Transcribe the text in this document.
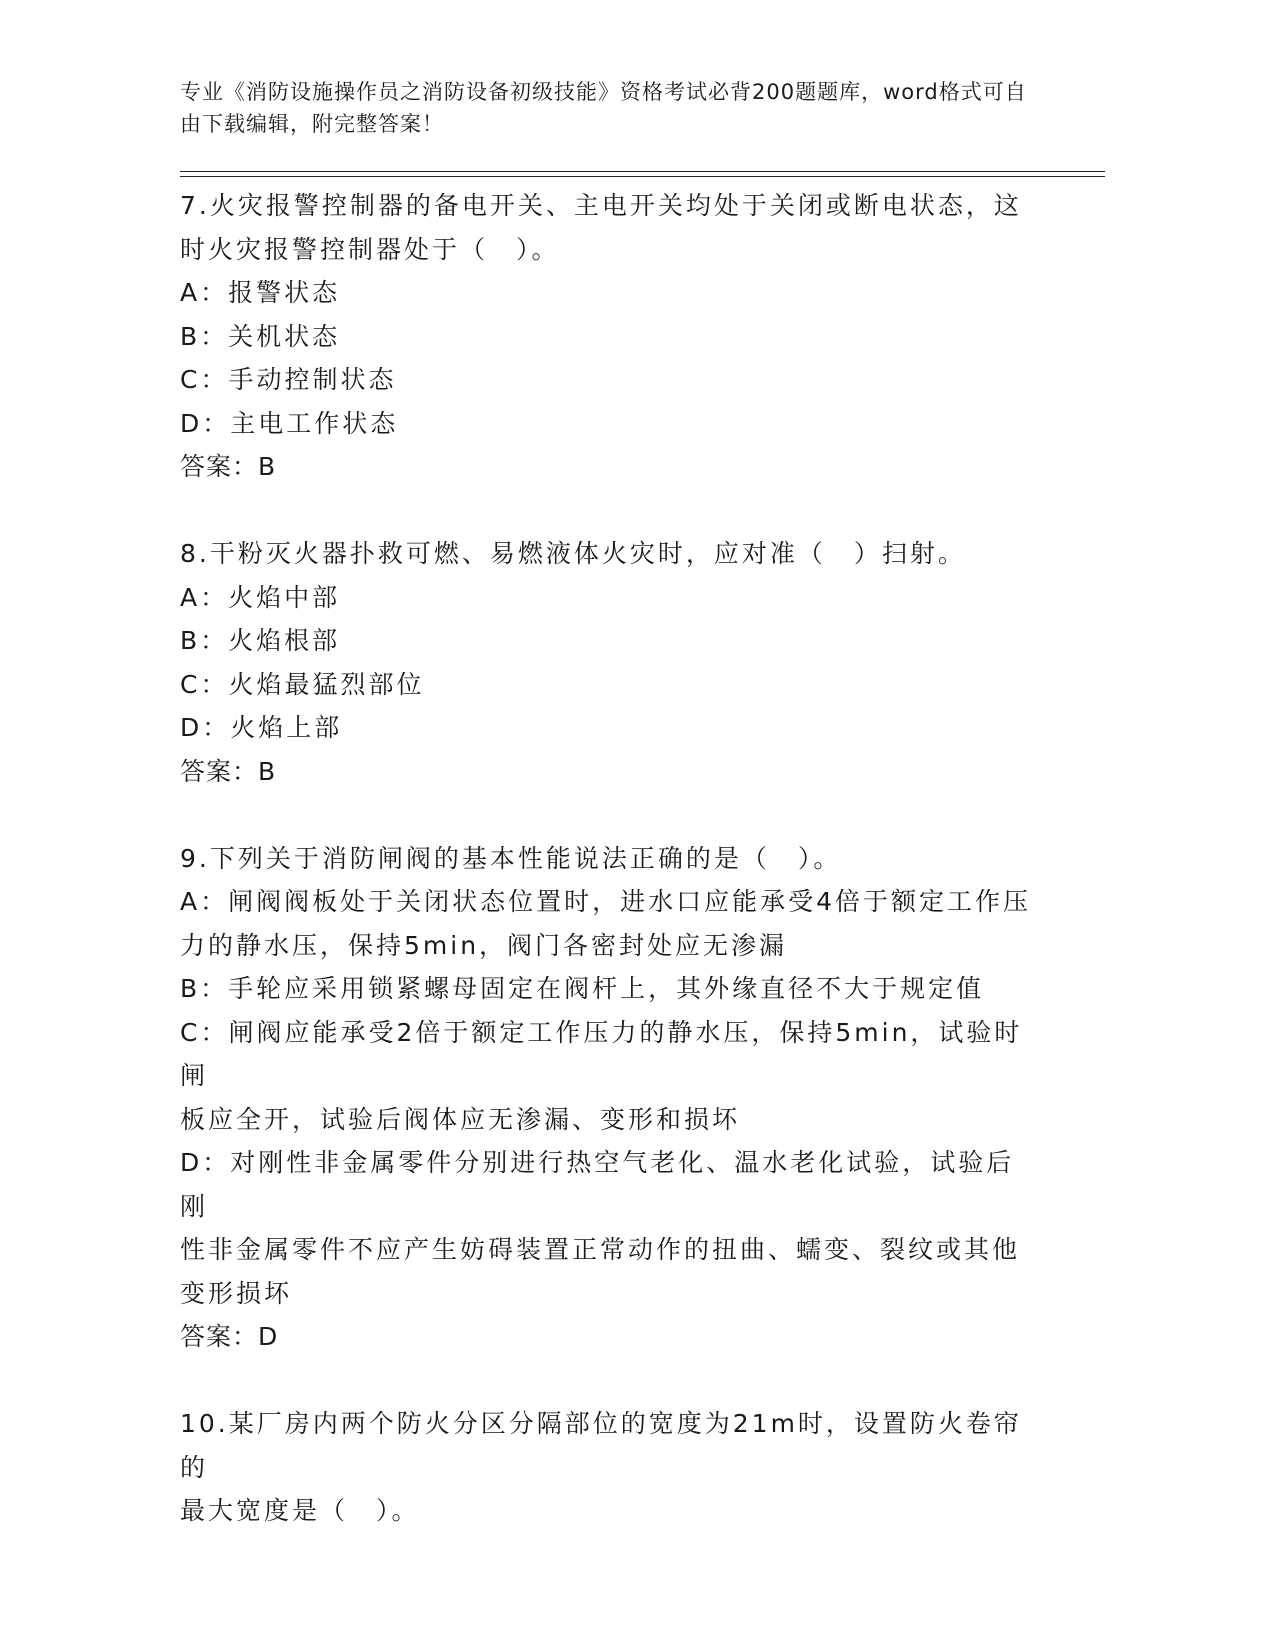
专业《消防设施操作员之消防设备初级技能》资格考试必背200题题库，word格式可自由下载编辑，附完整答案！

7.火灾报警控制器的备电开关、主电开关均处于关闭或断电状态，这

时火灾报警控制器处于（　）。

A：报警状态

B：关机状态

C：手动控制状态

D：主电工作状态

答案：B

8.干粉灭火器扑救可燃、易燃液体火灾时，应对准（　）扫射。

A：火焰中部

B：火焰根部

C：火焰最猛烈部位

D：火焰上部

答案：B

9.下列关于消防闸阀的基本性能说法正确的是（　）。

A：闸阀阀板处于关闭状态位置时，进水口应能承受4倍于额定工作压

力的静水压，保持5min，阀门各密封处应无渗漏

B：手轮应采用锁紧螺母固定在阀杆上，其外缘直径不大于规定值

C：闸阀应能承受2倍于额定工作压力的静水压，保持5min，试验时闸

板应全开，试验后阀体应无渗漏、变形和损坏

D：对刚性非金属零件分别进行热空气老化、温水老化试验，试验后刚

性非金属零件不应产生妨碍装置正常动作的扭曲、蠕变、裂纹或其他

变形损坏

答案：D

10.某厂房内两个防火分区分隔部位的宽度为21m时，设置防火卷帘的

最大宽度是（　）。
